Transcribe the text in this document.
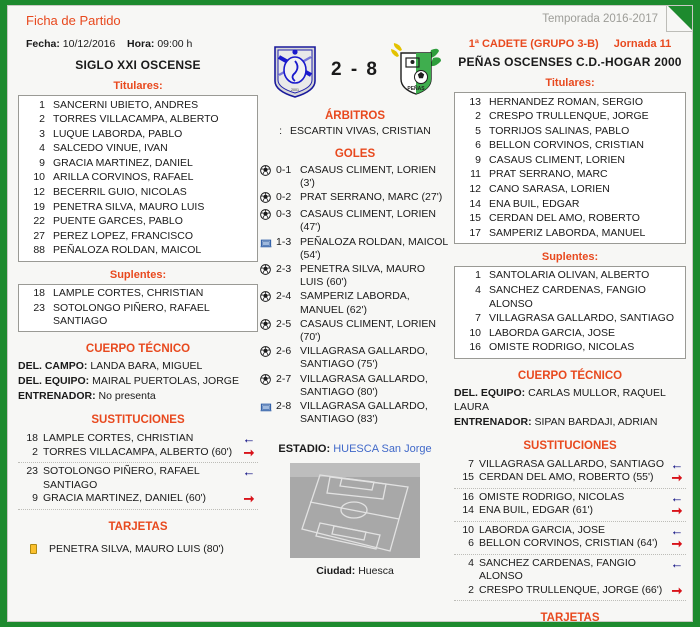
Ficha de Partido	Temporada 2016-2017
Fecha: 10/12/2016 Hora: 09:00 h
SIGLO XXI OSCENSE
Titulares:
1 SANCERNI UBIETO, ANDRES
2 TORRES VILLACAMPA, ALBERTO
3 LUQUE LABORDA, PABLO
4 SALCEDO VINUE, IVAN
9 GRACIA MARTINEZ, DANIEL
10 ARILLA CORVINOS, RAFAEL
12 BECERRIL GUIO, NICOLAS
19 PENETRA SILVA, MAURO LUIS
22 PUENTE GARCES, PABLO
27 PEREZ LOPEZ, FRANCISCO
88 PEÑALOZA ROLDAN, MAICOL
Suplentes:
18 LAMPLE CORTES, CHRISTIAN
23 SOTOLONGO PIÑERO, RAFAEL SANTIAGO
CUERPO TÉCNICO
DEL. CAMPO: LANDA BARA, MIGUEL
DEL. EQUIPO: MAIRAL PUERTOLAS, JORGE
ENTRENADOR: No presenta
SUSTITUCIONES
18 LAMPLE CORTES, CHRISTIAN	←
2 TORRES VILLACAMPA, ALBERTO (60') ➞
23 SOTOLONGO PIÑERO, RAFAEL SANTIAGO
←
9 GRACIA MARTINEZ, DANIEL (60')	➞
TARJETAS
PENETRA SILVA, MAURO LUIS (80')
2001
2 - 8
PEÑAS
ÁRBITROS
: ESCARTIN VIVAS, CRISTIAN
GOLES
0-1 CASAUS CLIMENT, LORIEN (3')
0-2 PRAT SERRANO, MARC (27')
0-3 CASAUS CLIMENT, LORIEN (47')
1-3 PEÑALOZA ROLDAN, MAICOL (54')
2-3 PENETRA SILVA, MAURO LUIS (60')
2-4 SAMPERIZ LABORDA, MANUEL (62')
2-5 CASAUS CLIMENT, LORIEN (70')
2-6 VILLAGRASA GALLARDO, SANTIAGO (75')
2-7 VILLAGRASA GALLARDO, SANTIAGO (80')
2-8 VILLAGRASA GALLARDO, SANTIAGO (83')
ESTADIO: HUESCA San Jorge
Ciudad: Huesca
1ª CADETE (GRUPO 3-B) Jornada 11
PEÑAS OSCENSES C.D.-HOGAR 2000
Titulares:
13 HERNANDEZ ROMAN, SERGIO
2 CRESPO TRULLENQUE, JORGE
5 TORRIJOS SALINAS, PABLO
6 BELLON CORVINOS, CRISTIAN
9 CASAUS CLIMENT, LORIEN
11 PRAT SERRANO, MARC
12 CANO SARASA, LORIEN
14 ENA BUIL, EDGAR
15 CERDAN DEL AMO, ROBERTO
17 SAMPERIZ LABORDA, MANUEL
Suplentes:
1 SANTOLARIA OLIVAN, ALBERTO
4 SANCHEZ CARDENAS, FANGIO ALONSO
7 VILLAGRASA GALLARDO, SANTIAGO
10 LABORDA GARCIA, JOSE
16 OMISTE RODRIGO, NICOLAS
CUERPO TÉCNICO
DEL. EQUIPO: CARLAS MULLOR, RAQUEL LAURA
ENTRENADOR: SIPAN BARDAJI, ADRIAN
SUSTITUCIONES
7 VILLAGRASA GALLARDO, SANTIAGO ←
15 CERDAN DEL AMO, ROBERTO (55')	➞
16 OMISTE RODRIGO, NICOLAS	←
14 ENA BUIL, EDGAR (61')	➞
10 LABORDA GARCIA, JOSE	←
6 BELLON CORVINOS, CRISTIAN (64')	➞
4 SANCHEZ CARDENAS, FANGIO ALONSO
←
2 CRESPO TRULLENQUE, JORGE (66') ➞
TARJETAS
